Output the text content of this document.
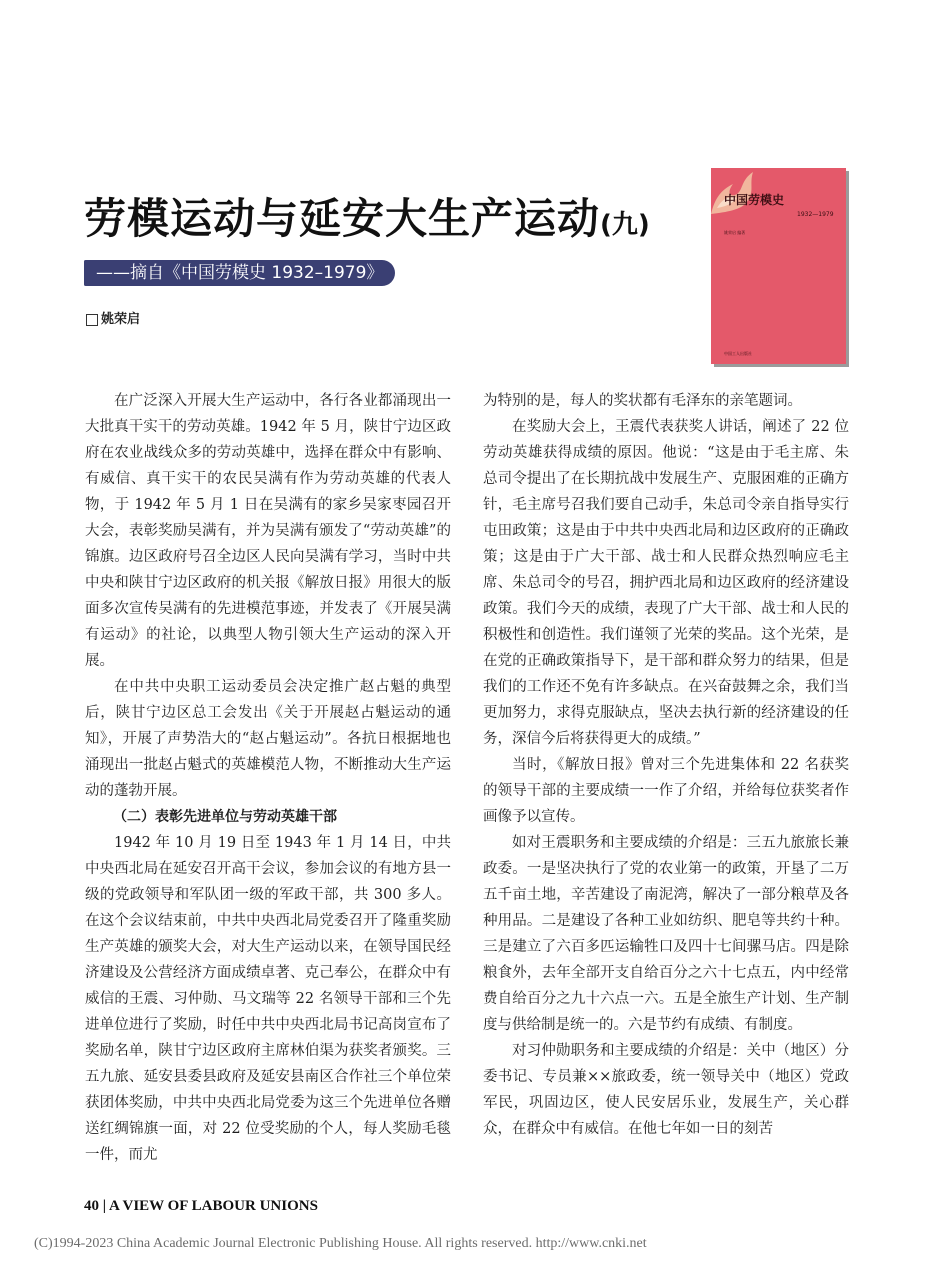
劳模运动与延安大生产运动(九)
——摘自《中国劳模史 1932–1979》
姚荣启
中国劳模史
1932—1979
姚荣启 编著
中国工人出版社

在广泛深入开展大生产运动中，各行各业都涌现出一大批真干实干的劳动英雄。1942 年 5 月，陕甘宁边区政府在农业战线众多的劳动英雄中，选择在群众中有影响、有威信、真干实干的农民吴满有作为劳动英雄的代表人物，于 1942 年 5 月 1 日在吴满有的家乡吴家枣园召开大会，表彰奖励吴满有，并为吴满有颁发了“劳动英雄”的锦旗。边区政府号召全边区人民向吴满有学习，当时中共中央和陕甘宁边区政府的机关报《解放日报》用很大的版面多次宣传吴满有的先进模范事迹，并发表了《开展吴满有运动》的社论，以典型人物引领大生产运动的深入开展。

在中共中央职工运动委员会决定推广赵占魁的典型后，陕甘宁边区总工会发出《关于开展赵占魁运动的通知》，开展了声势浩大的“赵占魁运动”。各抗日根据地也涌现出一批赵占魁式的英雄模范人物，不断推动大生产运动的蓬勃开展。

（二）表彰先进单位与劳动英雄干部

1942 年 10 月 19 日至 1943 年 1 月 14 日，中共中央西北局在延安召开高干会议，参加会议的有地方县一级的党政领导和军队团一级的军政干部，共 300 多人。在这个会议结束前，中共中央西北局党委召开了隆重奖励生产英雄的颁奖大会，对大生产运动以来，在领导国民经济建设及公营经济方面成绩卓著、克己奉公，在群众中有威信的王震、习仲勋、马文瑞等 22 名领导干部和三个先进单位进行了奖励，时任中共中央西北局书记高岗宣布了奖励名单，陕甘宁边区政府主席林伯渠为获奖者颁奖。三五九旅、延安县委县政府及延安县南区合作社三个单位荣获团体奖励，中共中央西北局党委为这三个先进单位各赠送红绸锦旗一面，对 22 位受奖励的个人，每人奖励毛毯一件，而尤

为特别的是，每人的奖状都有毛泽东的亲笔题词。

在奖励大会上，王震代表获奖人讲话，阐述了 22 位劳动英雄获得成绩的原因。他说：“这是由于毛主席、朱总司令提出了在长期抗战中发展生产、克服困难的正确方针，毛主席号召我们要自己动手，朱总司令亲自指导实行屯田政策；这是由于中共中央西北局和边区政府的正确政策；这是由于广大干部、战士和人民群众热烈响应毛主席、朱总司令的号召，拥护西北局和边区政府的经济建设政策。我们今天的成绩，表现了广大干部、战士和人民的积极性和创造性。我们谨领了光荣的奖品。这个光荣，是在党的正确政策指导下，是干部和群众努力的结果，但是我们的工作还不免有许多缺点。在兴奋鼓舞之余，我们当更加努力，求得克服缺点，坚决去执行新的经济建设的任务，深信今后将获得更大的成绩。”

当时，《解放日报》曾对三个先进集体和 22 名获奖的领导干部的主要成绩一一作了介绍，并给每位获奖者作画像予以宣传。

如对王震职务和主要成绩的介绍是：三五九旅旅长兼政委。一是坚决执行了党的农业第一的政策，开垦了二万五千亩土地，辛苦建设了南泥湾，解决了一部分粮草及各种用品。二是建设了各种工业如纺织、肥皂等共约十种。三是建立了六百多匹运输牲口及四十七间骡马店。四是除粮食外，去年全部开支自给百分之六十七点五，内中经常费自给百分之九十六点一六。五是全旅生产计划、生产制度与供给制是统一的。六是节约有成绩、有制度。

对习仲勋职务和主要成绩的介绍是：关中（地区）分委书记、专员兼××旅政委，统一领导关中（地区）党政军民，巩固边区，使人民安居乐业，发展生产，关心群众，在群众中有威信。在他七年如一日的刻苦

40 | A VIEW OF LABOUR UNIONS
(C)1994-2023 China Academic Journal Electronic Publishing House. All rights reserved. http://www.cnki.net
